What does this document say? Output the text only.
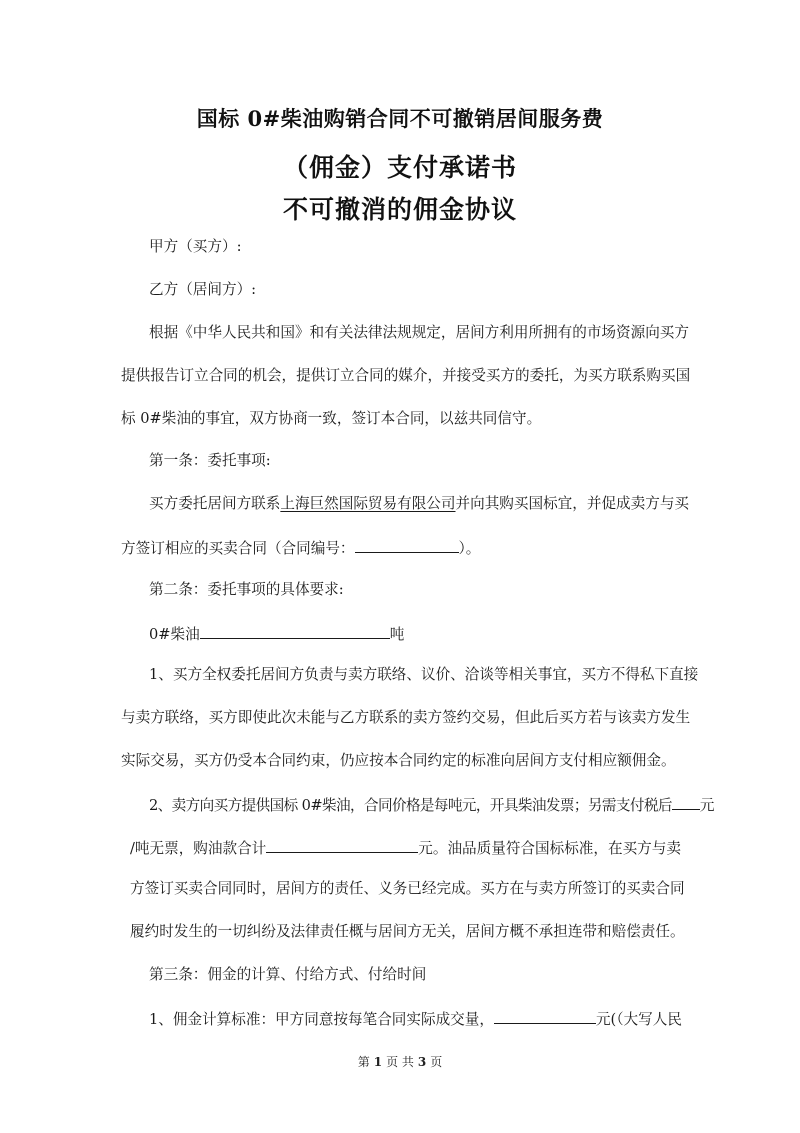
国标 0#柴油购销合同不可撤销居间服务费
（佣金）支付承诺书
不可撤消的佣金协议
甲方（买方）:
乙方（居间方）:
根据《中华人民共和国》和有关法律法规规定，居间方利用所拥有的市场资源向买方
提供报告订立合同的机会，提供订立合同的媒介，并接受买方的委托，为买方联系购买国
标 0#柴油的事宜，双方协商一致，签订本合同，以兹共同信守。
第一条：委托事项:
买方委托居间方联系上海巨然国际贸易有限公司并向其购买国标宜，并促成卖方与买
方签订相应的买卖合同（合同编号：	）。
第二条：委托事项的具体要求:
0#柴油	吨
1、买方全权委托居间方负责与卖方联络、议价、洽谈等相关事宜，买方不得私下直接
与卖方联络，买方即使此次未能与乙方联系的卖方签约交易，但此后买方若与该卖方发生
实际交易，买方仍受本合同约束，仍应按本合同约定的标准向居间方支付相应额佣金。
2、卖方向买方提供国标 0#柴油，合同价格是每吨元，开具柴油发票；另需支付税后 元
/吨无票，购油款合计	元。油品质量符合国标标准，在买方与卖
方签订买卖合同同时，居间方的责任、义务已经完成。买方在与卖方所签订的买卖合同
履约时发生的一切纠纷及法律责任概与居间方无关，居间方概不承担连带和赔偿责任。
第三条：佣金的计算、付给方式、付给时间
1、佣金计算标准：甲方同意按每笔合同实际成交量，	元(（大写人民
第 1 页 共 3 页
